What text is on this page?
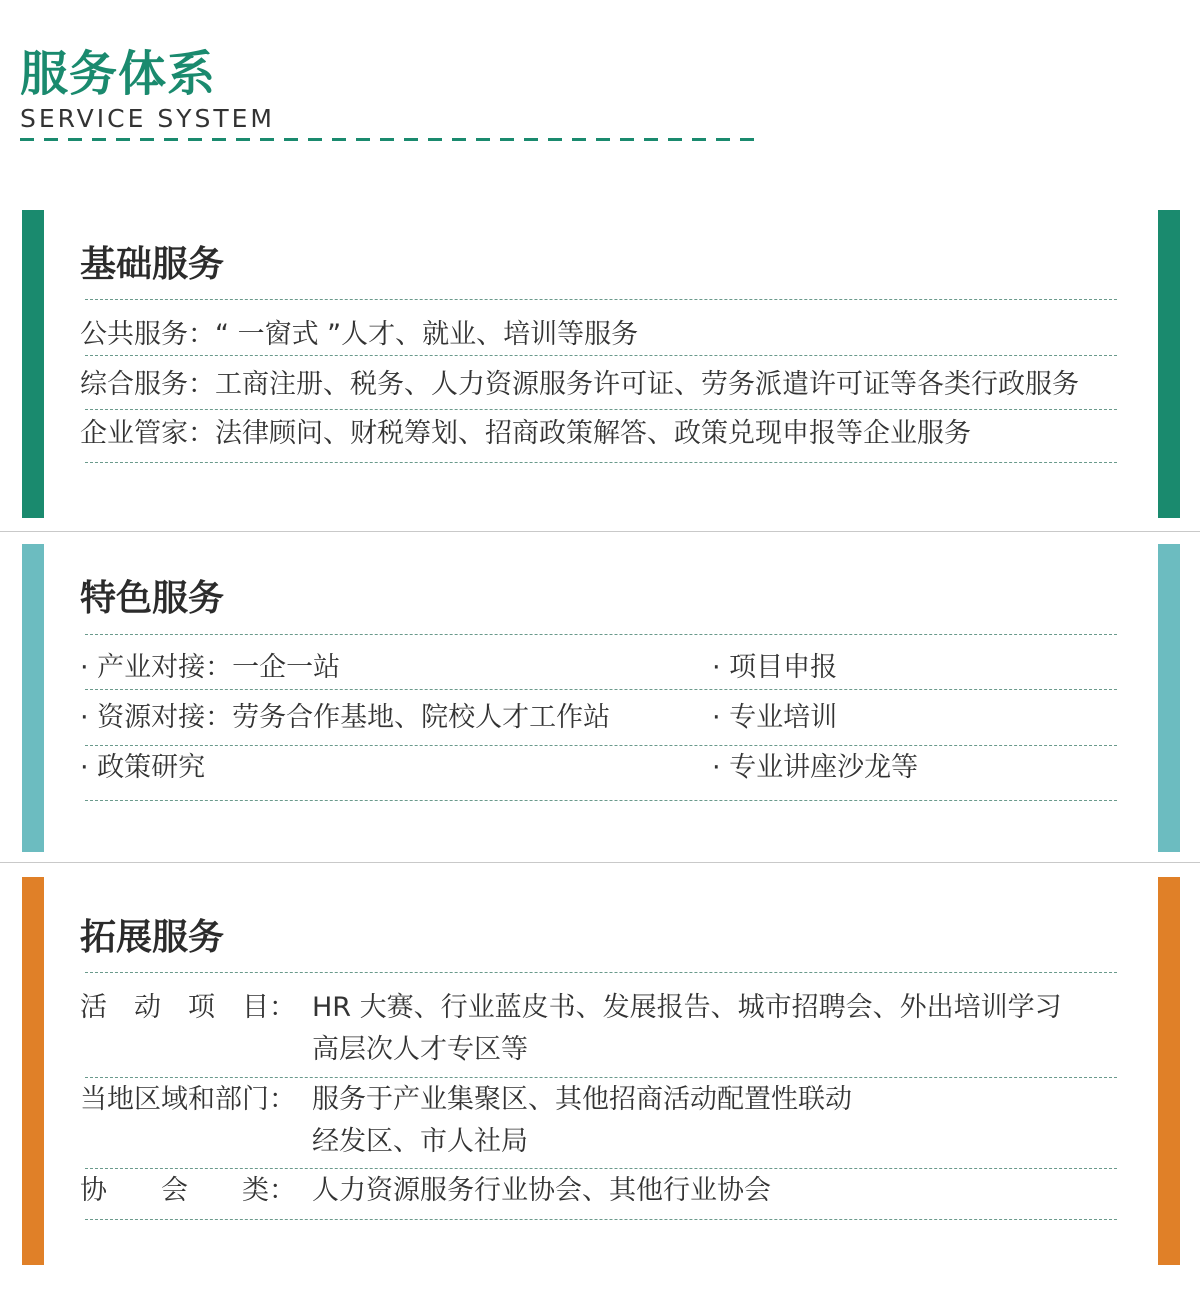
服务体系
SERVICE SYSTEM
基础服务
公共服务：“ 一窗式 ”人才、就业、培训等服务
综合服务：工商注册、税务、人力资源服务许可证、劳务派遣许可证等各类行政服务
企业管家：法律顾问、财税筹划、招商政策解答、政策兑现申报等企业服务
特色服务
· 产业对接：一企一站	· 项目申报
· 资源对接：劳务合作基地、院校人才工作站	· 专业培训
· 政策研究	· 专业讲座沙龙等
拓展服务
活　动　项　目： HR 大赛、行业蓝皮书、发展报告、城市招聘会、外出培训学习
高层次人才专区等
当地区域和部门： 服务于产业集聚区、其他招商活动配置性联动
经发区、市人社局
协　　会　　类： 人力资源服务行业协会、其他行业协会
